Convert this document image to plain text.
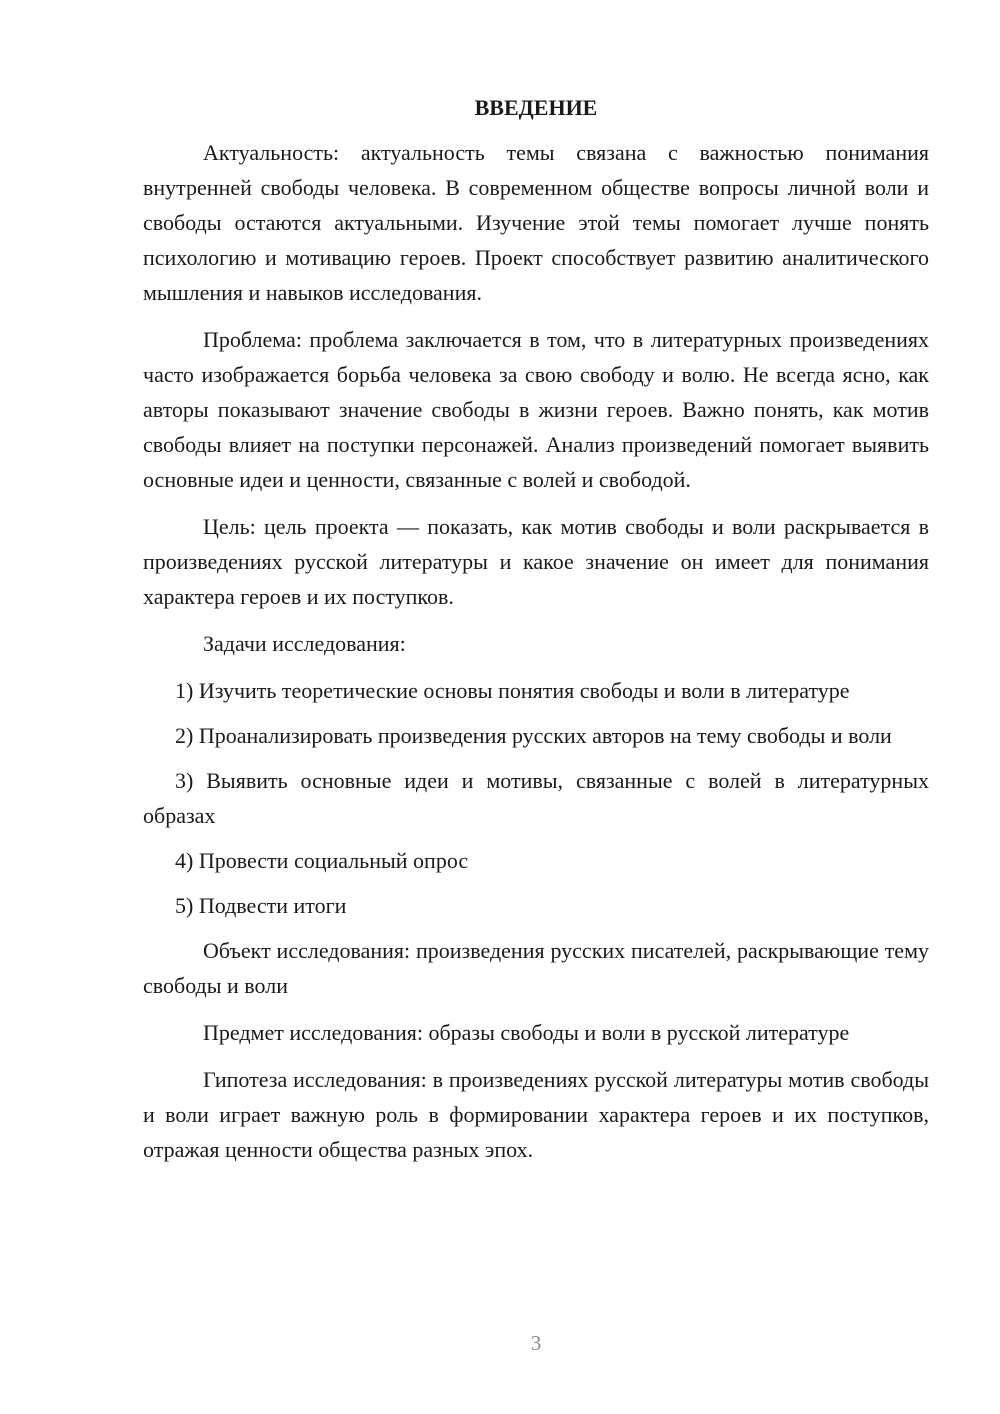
ВВЕДЕНИЕ

Актуальность: актуальность темы связана с важностью понимания внутренней свободы человека. В современном обществе вопросы личной воли и свободы остаются актуальными. Изучение этой темы помогает лучше понять психологию и мотивацию героев. Проект способствует развитию аналитического мышления и навыков исследования.

Проблема: проблема заключается в том, что в литературных произведениях часто изображается борьба человека за свою свободу и волю. Не всегда ясно, как авторы показывают значение свободы в жизни героев. Важно понять, как мотив свободы влияет на поступки персонажей. Анализ произведений помогает выявить основные идеи и ценности, связанные с волей и свободой.

Цель: цель проекта — показать, как мотив свободы и воли раскрывается в произведениях русской литературы и какое значение он имеет для понимания характера героев и их поступков.

Задачи исследования:

1) Изучить теоретические основы понятия свободы и воли в литературе

2) Проанализировать произведения русских авторов на тему свободы и воли

3) Выявить основные идеи и мотивы, связанные с волей в литературных образах

4) Провести социальный опрос

5) Подвести итоги

Объект исследования: произведения русских писателей, раскрывающие тему свободы и воли

Предмет исследования: образы свободы и воли в русской литературе

Гипотеза исследования: в произведениях русской литературы мотив свободы и воли играет важную роль в формировании характера героев и их поступков, отражая ценности общества разных эпох.

3
